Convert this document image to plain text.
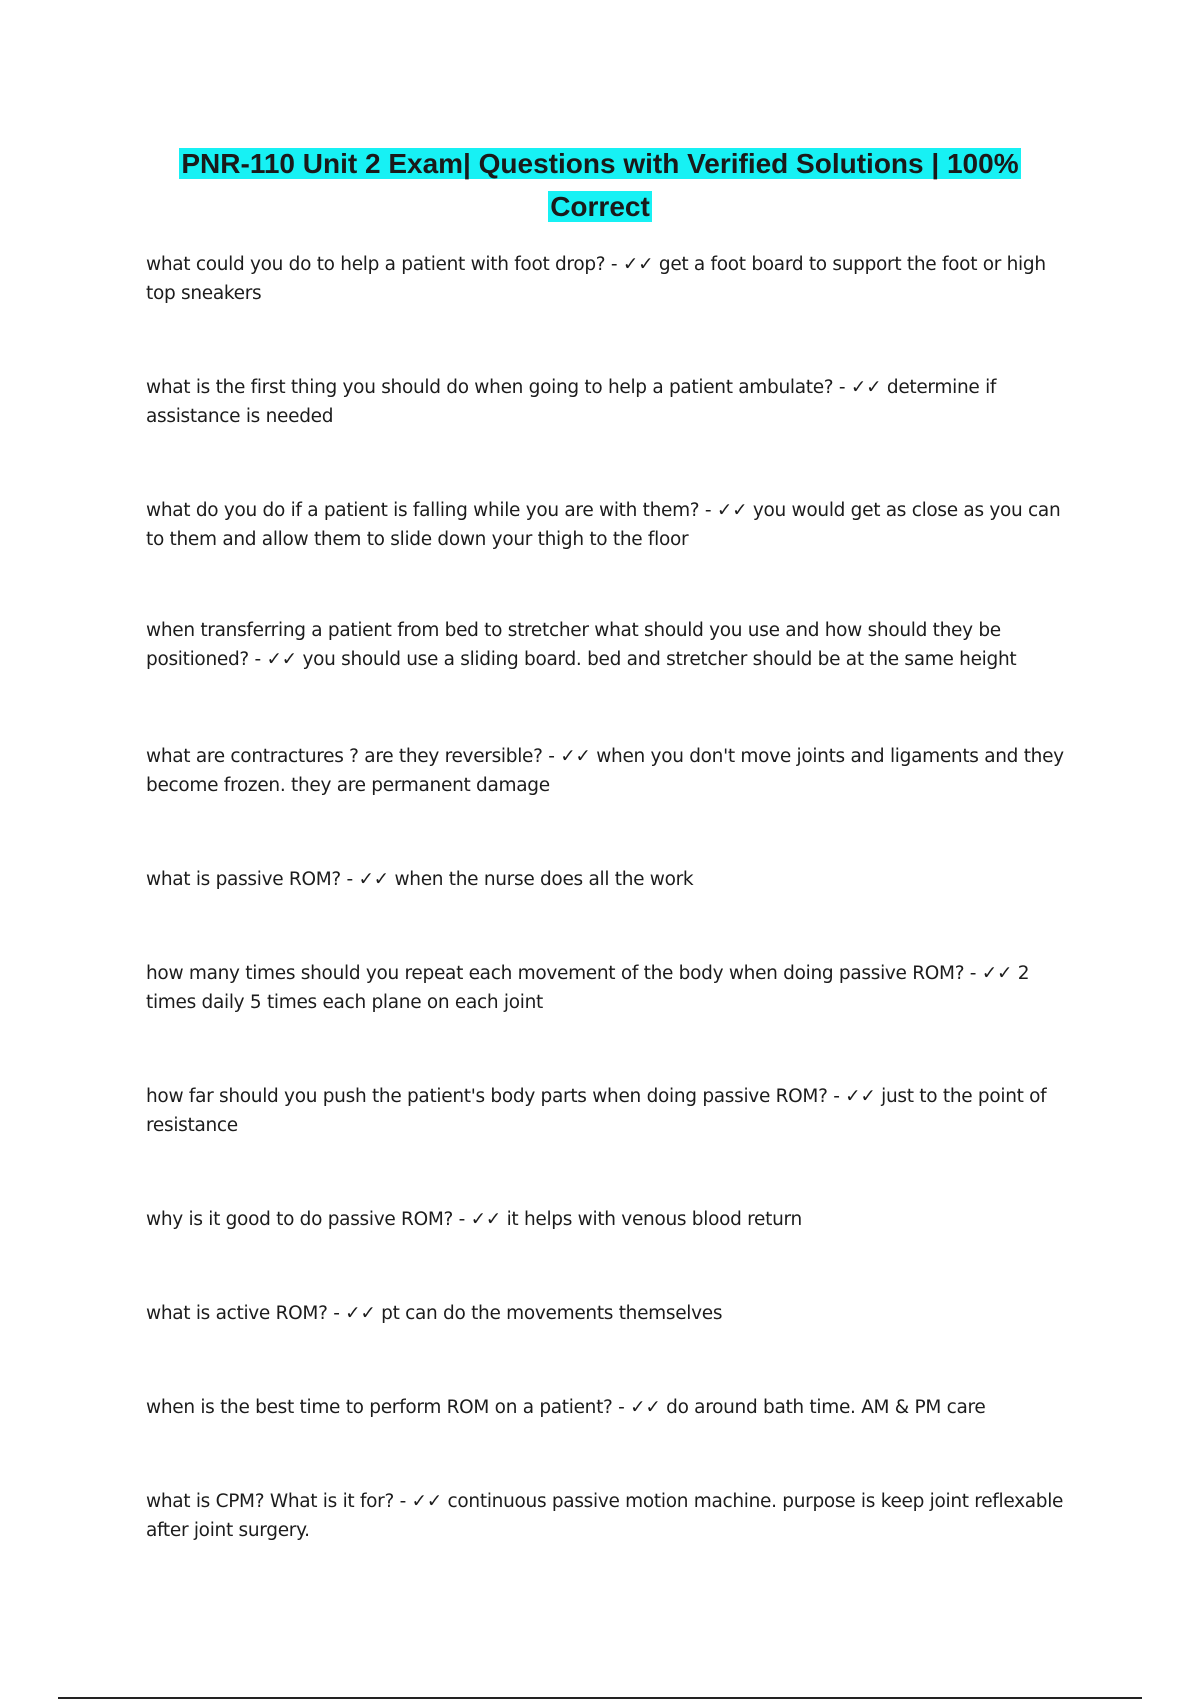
PNR-110 Unit 2 Exam| Questions with Verified Solutions | 100%
Correct
what could you do to help a patient with foot drop? - ✓✓ get a foot board to support the foot or high top sneakers
what is the first thing you should do when going to help a patient ambulate? - ✓✓ determine if assistance is needed
what do you do if a patient is falling while you are with them? - ✓✓ you would get as close as you can to them and allow them to slide down your thigh to the floor
when transferring a patient from bed to stretcher what should you use and how should they be positioned? - ✓✓ you should use a sliding board. bed and stretcher should be at the same height
what are contractures ? are they reversible? - ✓✓ when you don't move joints and ligaments and they become frozen. they are permanent damage
what is passive ROM? - ✓✓ when the nurse does all the work
how many times should you repeat each movement of the body when doing passive ROM? - ✓✓ 2 times daily 5 times each plane on each joint
how far should you push the patient's body parts when doing passive ROM? - ✓✓ just to the point of resistance
why is it good to do passive ROM? - ✓✓ it helps with venous blood return
what is active ROM? - ✓✓ pt can do the movements themselves
when is the best time to perform ROM on a patient? - ✓✓ do around bath time. AM & PM care
what is CPM? What is it for? - ✓✓ continuous passive motion machine. purpose is keep joint reflexable after joint surgery.
